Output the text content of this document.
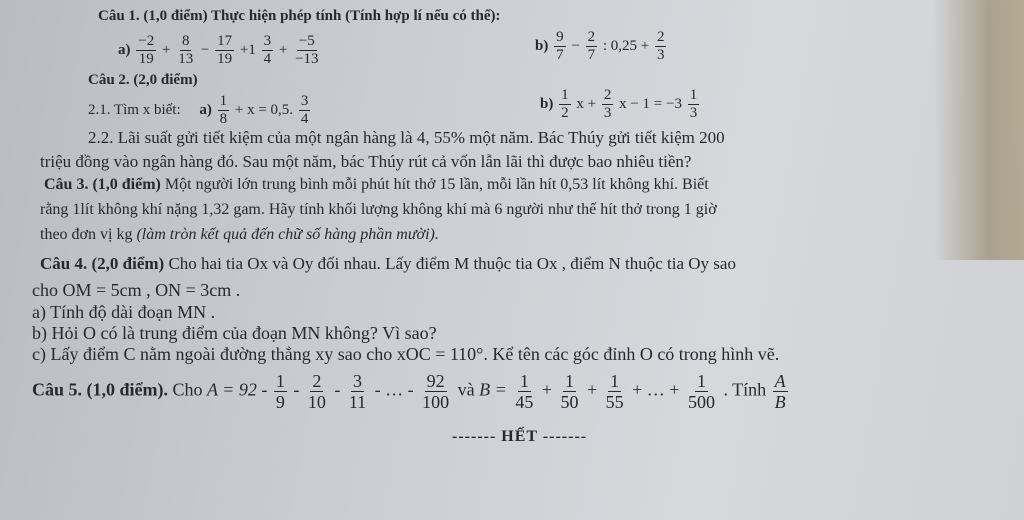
Câu 1. (1,0 điểm) Thực hiện phép tính (Tính hợp lí nếu có thể):
$a) \frac{-2}{19} + \frac{8}{13} - \frac{17}{19} +1 \frac{3}{4} + \frac{-5}{-13}$	$b) \frac{9}{7} - \frac{2}{7}$ : $0,25 + \frac{2}{3}$
Câu 2. (2,0 điểm)
2.1. Tìm x biết: $a) \frac{1}{8} + x = 0,5$. $\frac{3}{4}$	$b) \frac{1}{2}$ $x + \frac{2}{3}$ $x - 1 = -3 \frac{1}{3}$
2.2. Lãi suất gửi tiết kiệm của một ngân hàng là 4, 55% một năm. Bác Thúy gửi tiết kiệm 200
triệu đồng vào ngân hàng đó. Sau một năm, bác Thúy rút cả vốn lẫn lãi thì được bao nhiêu tiền?
Câu 3. (1,0 điểm) Một người lớn trung bình mỗi phút hít thở 15 lần, mỗi lần hít 0,53 lít không khí. Biết
rằng 1lít không khí nặng 1,32 gam. Hãy tính khối lượng không khí mà 6 người như thế hít thở trong 1 giờ
theo đơn vị kg (làm tròn kết quả đến chữ số hàng phần mười).
Câu 4. (2,0 điểm) Cho hai tia Ox và Oy đối nhau. Lấy điểm M thuộc tia Ox , điểm N thuộc tia Oy sao
cho OM = 5cm , ON = 3cm .
a) Tính độ dài đoạn MN .
b) Hỏi O có là trung điểm của đoạn MN không? Vì sao?
c) Lấy điểm C nằm ngoài đường thẳng xy sao cho xOC = 110°. Kể tên các góc đỉnh O có trong hình vẽ.
Câu 5. (1,0 điểm). Cho $A = 92 - \frac{1}{9} - \frac{2}{10} - \frac{3}{11}$ - … - $\frac{92}{100}$ và $B = \frac{1}{45} + \frac{1}{50} + \frac{1}{55}$ + … + $\frac{1}{500}$ . Tính $\frac{A}{B}$
------- HẾT -------
